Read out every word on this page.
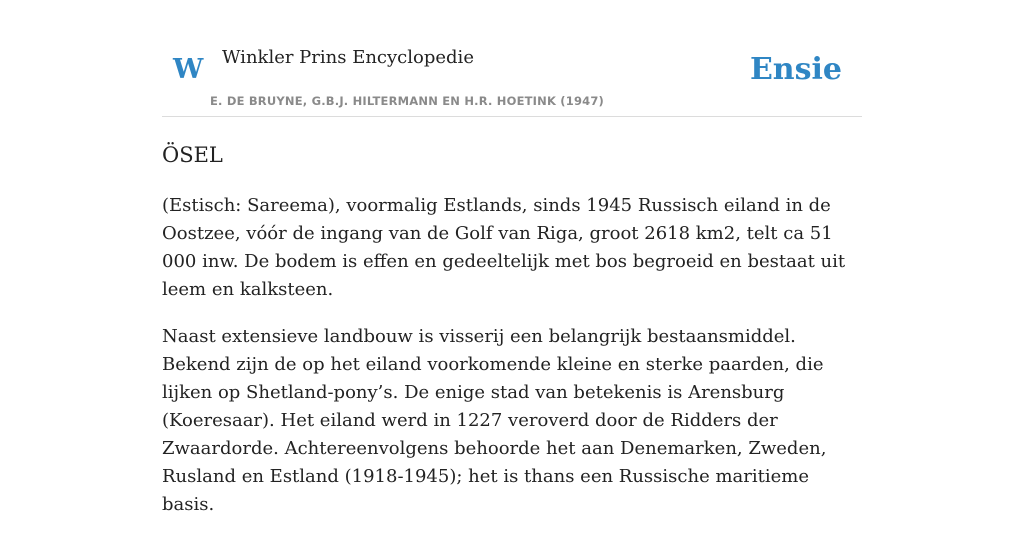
W Winkler Prins Encyclopedie
E. DE BRUYNE, G.B.J. HILTERMANN EN H.R. HOETINK (1947)
Ensie
ÖSEL

(Estisch: Sareema), voormalig Estlands, sinds 1945 Russisch eiland in de Oostzee, vóór de ingang van de Golf van Riga, groot 2618 km2, telt ca 51 000 inw. De bodem is effen en gedeeltelijk met bos begroeid en bestaat uit leem en kalksteen.

Naast extensieve landbouw is visserij een belangrijk bestaansmiddel. Bekend zijn de op het eiland voorkomende kleine en sterke paarden, die lijken op Shetland-pony’s. De enige stad van betekenis is Arensburg (Koeresaar). Het eiland werd in 1227 veroverd door de Ridders der Zwaardorde. Achtereenvolgens behoorde het aan Denemarken, Zweden, Rusland en Estland (1918-1945); het is thans een Russische maritieme basis.
